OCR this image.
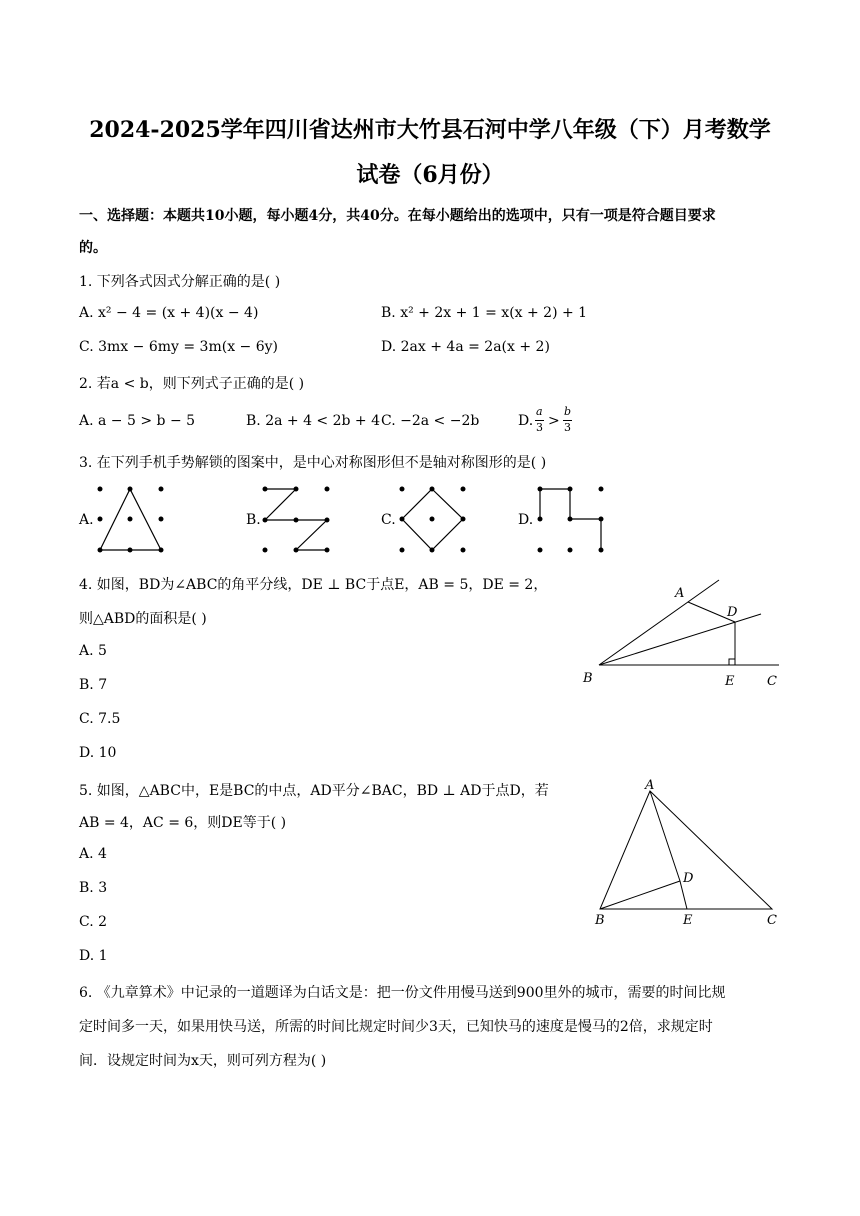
2024-2025学年四川省达州市大竹县石河中学八年级（下）月考数学
试卷（6月份）
一、选择题：本题共10小题，每小题4分，共40分。在每小题给出的选项中，只有一项是符合题目要求
的。
1. 下列各式因式分解正确的是( )
A. x² − 4 = (x + 4)(x − 4)	B. x² + 2x + 1 = x(x + 2) + 1
C. 3mx − 6my = 3m(x − 6y)	D. 2ax + 4a = 2a(x + 2)
2. 若a < b，则下列式子正确的是( )
A. a − 5 > b − 5	B. 2a + 4 < 2b + 4 C. −2a < −2b	D.
a
3 >
b
3
3. 在下列手机手势解锁的图案中，是中心对称图形但不是轴对称图形的是( )
A.	B.	C.	D.
4. 如图，BD为∠ABC的角平分线，DE ⊥ BC于点E，AB = 5，DE = 2，
则△ABD的面积是( )
A. 5
B. 7
C. 7.5
D. 10
A
D
B	E	C
5. 如图，△ABC中，E是BC的中点，AD平分∠BAC，BD ⊥ AD于点D，若
AB = 4，AC = 6，则DE等于( )
A. 4
B. 3
C. 2
D. 1
A
D
B	E	C
6. 《九章算术》中记录的一道题译为白话文是：把一份文件用慢马送到900里外的城市，需要的时间比规
定时间多一天，如果用快马送，所需的时间比规定时间少3天，已知快马的速度是慢马的2倍，求规定时
间．设规定时间为x天，则可列方程为( )
